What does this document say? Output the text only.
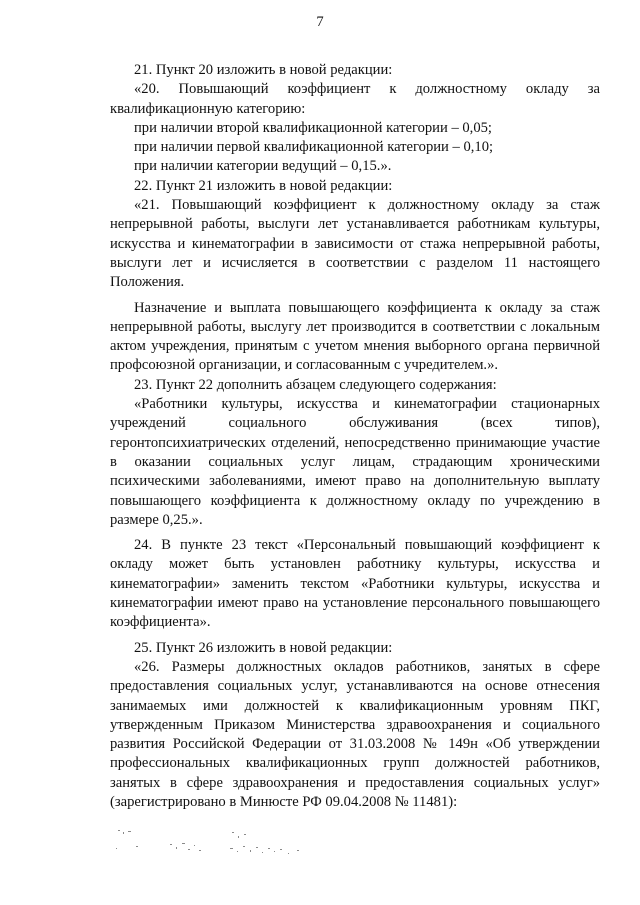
7
21. Пункт 20 изложить в новой редакции:
«20. Повышающий коэффициент к должностному окладу за
квалификационную категорию:
при наличии второй квалификационной категории – 0,05;
при наличии первой квалификационной категории – 0,10;
при наличии категории ведущий – 0,15.».
22. Пункт 21 изложить в новой редакции:
«21. Повышающий коэффициент к должностному окладу за стаж
непрерывной работы, выслуги лет устанавливается работникам культуры,
искусства и кинематографии в зависимости от стажа непрерывной работы,
выслуги лет и исчисляется в соответствии с разделом 11 настоящего
Положения.
Назначение и выплата повышающего коэффициента к окладу за стаж
непрерывной работы, выслугу лет производится в соответствии с локальным
актом учреждения, принятым с учетом мнения выборного органа первичной
профсоюзной организации, и согласованным с учредителем.».
23. Пункт 22 дополнить абзацем следующего содержания:
«Работники культуры, искусства и кинематографии стационарных
учреждений социального обслуживания (всех типов),
геронтопсихиатрических отделений, непосредственно принимающие участие
в оказании социальных услуг лицам, страдающим хроническими
психическими заболеваниями, имеют право на дополнительную выплату
повышающего коэффициента к должностному окладу по учреждению в
размере 0,25.».
24. В пункте 23 текст «Персональный повышающий коэффициент к
окладу может быть установлен работнику культуры, искусства и
кинематографии» заменить текстом «Работники культуры, искусства и
кинематографии имеют право на установление персонального повышающего
коэффициента».
25. Пункт 26 изложить в новой редакции:
«26. Размеры должностных окладов работников, занятых в сфере
предоставления социальных услуг, устанавливаются на основе отнесения
занимаемых ими должностей к квалификационным уровням ПКГ,
утвержденным Приказом Министерства здравоохранения и социального
развития Российской Федерации от 31.03.2008 № 149н «Об утверждении
профессиональных квалификационных групп должностей работников,
занятых в сфере здравоохранения и предоставления социальных услуг»
(зарегистрировано в Минюсте РФ 09.04.2008 № 11481):
